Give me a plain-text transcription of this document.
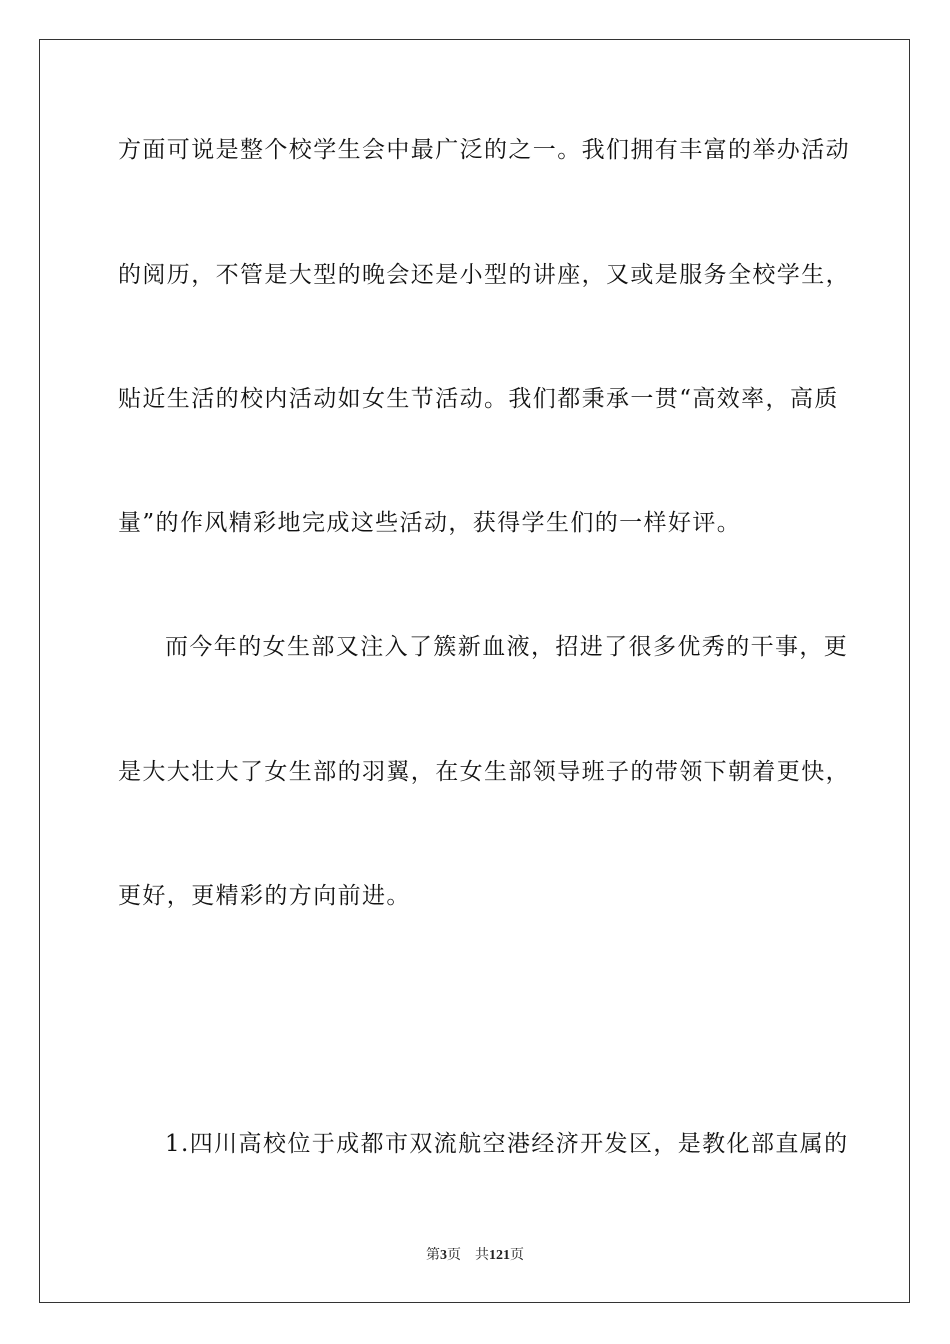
方面可说是整个校学生会中最广泛的之一。我们拥有丰富的举办活动
的阅历，不管是大型的晚会还是小型的讲座，又或是服务全校学生，
贴近生活的校内活动如女生节活动。我们都秉承一贯“高效率，高质
量”的作风精彩地完成这些活动，获得学生们的一样好评。
而今年的女生部又注入了簇新血液，招进了很多优秀的干事，更
是大大壮大了女生部的羽翼，在女生部领导班子的带领下朝着更快，
更好，更精彩的方向前进。
1.四川高校位于成都市双流航空港经济开发区，是教化部直属的
第3页 共121页
